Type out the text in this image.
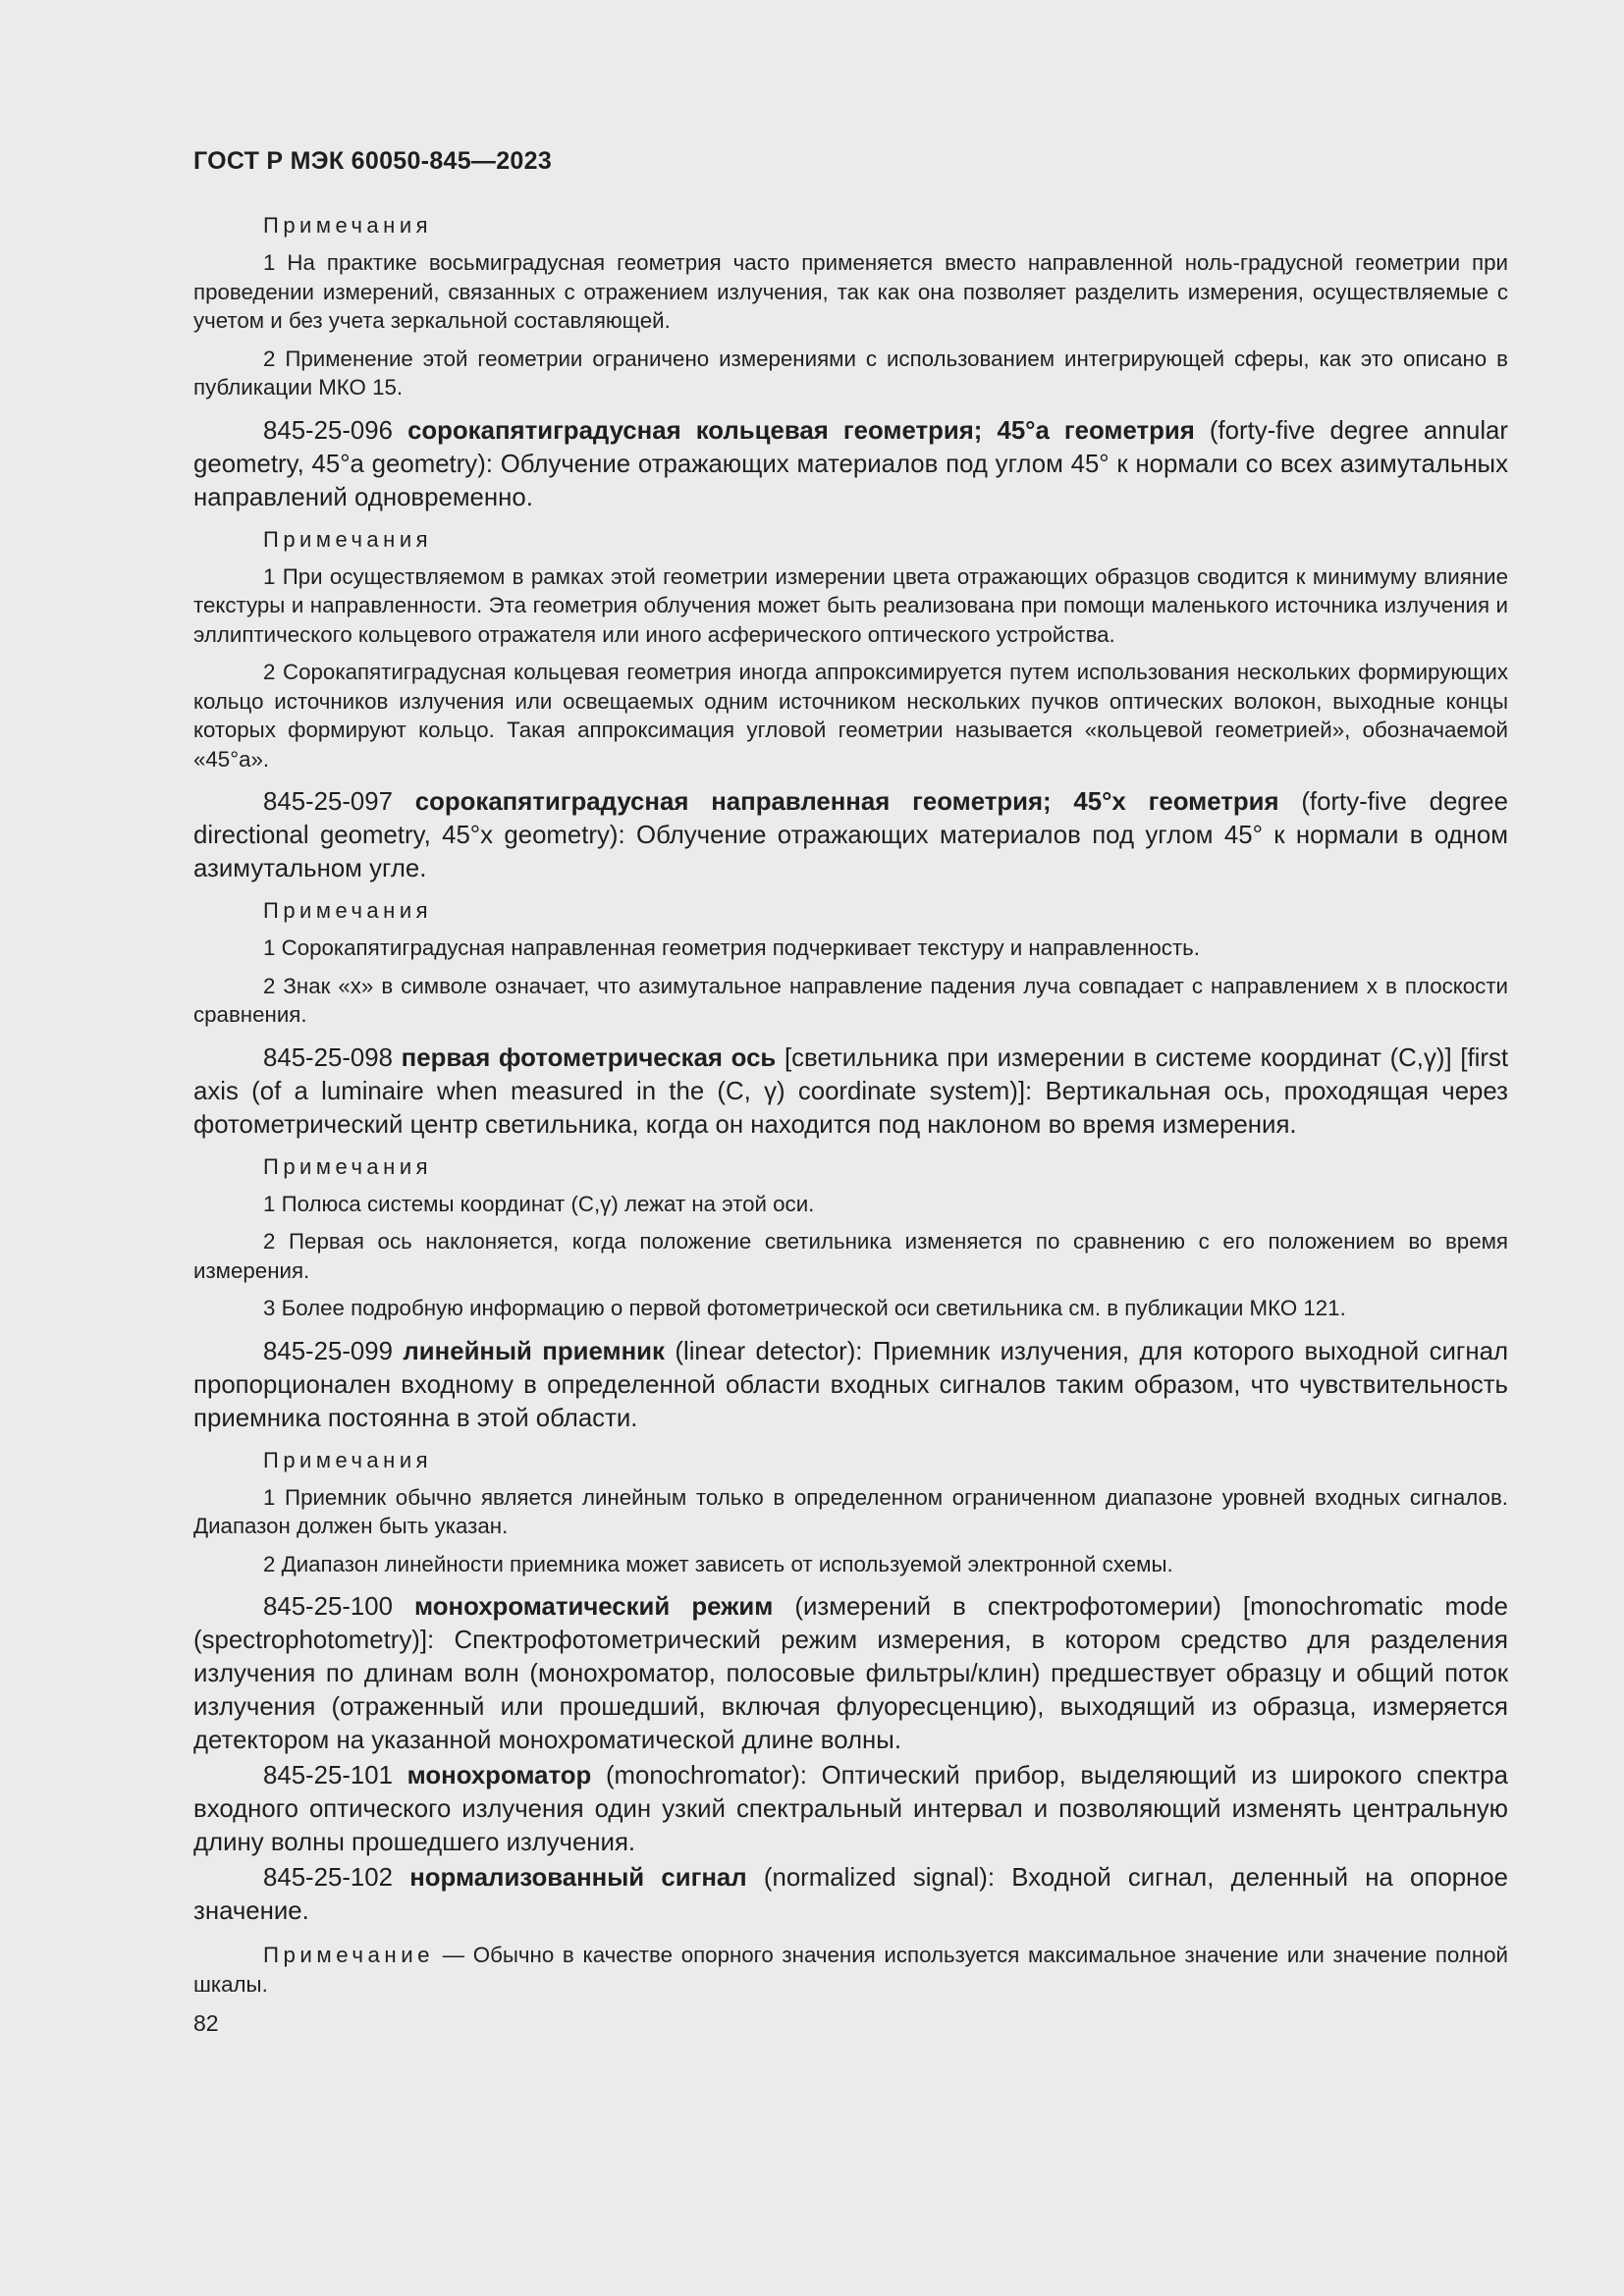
ГОСТ Р МЭК 60050-845—2023
Примечания

1 На практике восьмиградусная геометрия часто применяется вместо направленной ноль-градусной геометрии при проведении измерений, связанных с отражением излучения, так как она позволяет разделить измерения, осуществляемые с учетом и без учета зеркальной составляющей.

2 Применение этой геометрии ограничено измерениями с использованием интегрирующей сферы, как это описано в публикации МКО 15.

845-25-096 сорокапятиградусная кольцевая геометрия; 45°a геометрия (forty-five degree annular geometry, 45°a geometry): Облучение отражающих материалов под углом 45° к нормали со всех азимутальных направлений одновременно.

Примечания

1 При осуществляемом в рамках этой геометрии измерении цвета отражающих образцов сводится к минимуму влияние текстуры и направленности. Эта геометрия облучения может быть реализована при помощи маленького источника излучения и эллиптического кольцевого отражателя или иного асферического оптического устройства.

2 Сорокапятиградусная кольцевая геометрия иногда аппроксимируется путем использования нескольких формирующих кольцо источников излучения или освещаемых одним источником нескольких пучков оптических волокон, выходные концы которых формируют кольцо. Такая аппроксимация угловой геометрии называется «кольцевой геометрией», обозначаемой «45°a».

845-25-097 сорокапятиградусная направленная геометрия; 45°x геометрия (forty-five degree directional geometry, 45°x geometry): Облучение отражающих материалов под углом 45° к нормали в одном азимутальном угле.

Примечания

1 Сорокапятиградусная направленная геометрия подчеркивает текстуру и направленность.

2 Знак «x» в символе означает, что азимутальное направление падения луча совпадает с направлением x в плоскости сравнения.

845-25-098 первая фотометрическая ось [светильника при измерении в системе координат (C,γ)] [first axis (of a luminaire when measured in the (C, γ) coordinate system)]: Вертикальная ось, проходящая через фотометрический центр светильника, когда он находится под наклоном во время измерения.

Примечания

1 Полюса системы координат (C,γ) лежат на этой оси.

2 Первая ось наклоняется, когда положение светильника изменяется по сравнению с его положением во время измерения.

3 Более подробную информацию о первой фотометрической оси светильника см. в публикации МКО 121.

845-25-099 линейный приемник (linear detector): Приемник излучения, для которого выходной сигнал пропорционален входному в определенной области входных сигналов таким образом, что чувствительность приемника постоянна в этой области.

Примечания

1 Приемник обычно является линейным только в определенном ограниченном диапазоне уровней входных сигналов. Диапазон должен быть указан.

2 Диапазон линейности приемника может зависеть от используемой электронной схемы.

845-25-100 монохроматический режим (измерений в спектрофотомерии) [monochromatic mode (spectrophotometry)]: Спектрофотометрический режим измерения, в котором средство для разделения излучения по длинам волн (монохроматор, полосовые фильтры/клин) предшествует образцу и общий поток излучения (отраженный или прошедший, включая флуоресценцию), выходящий из образца, измеряется детектором на указанной монохроматической длине волны.

845-25-101 монохроматор (monochromator): Оптический прибор, выделяющий из широкого спектра входного оптического излучения один узкий спектральный интервал и позволяющий изменять центральную длину волны прошедшего излучения.

845-25-102 нормализованный сигнал (normalized signal): Входной сигнал, деленный на опорное значение.

Примечание — Обычно в качестве опорного значения используется максимальное значение или значение полной шкалы.

82
